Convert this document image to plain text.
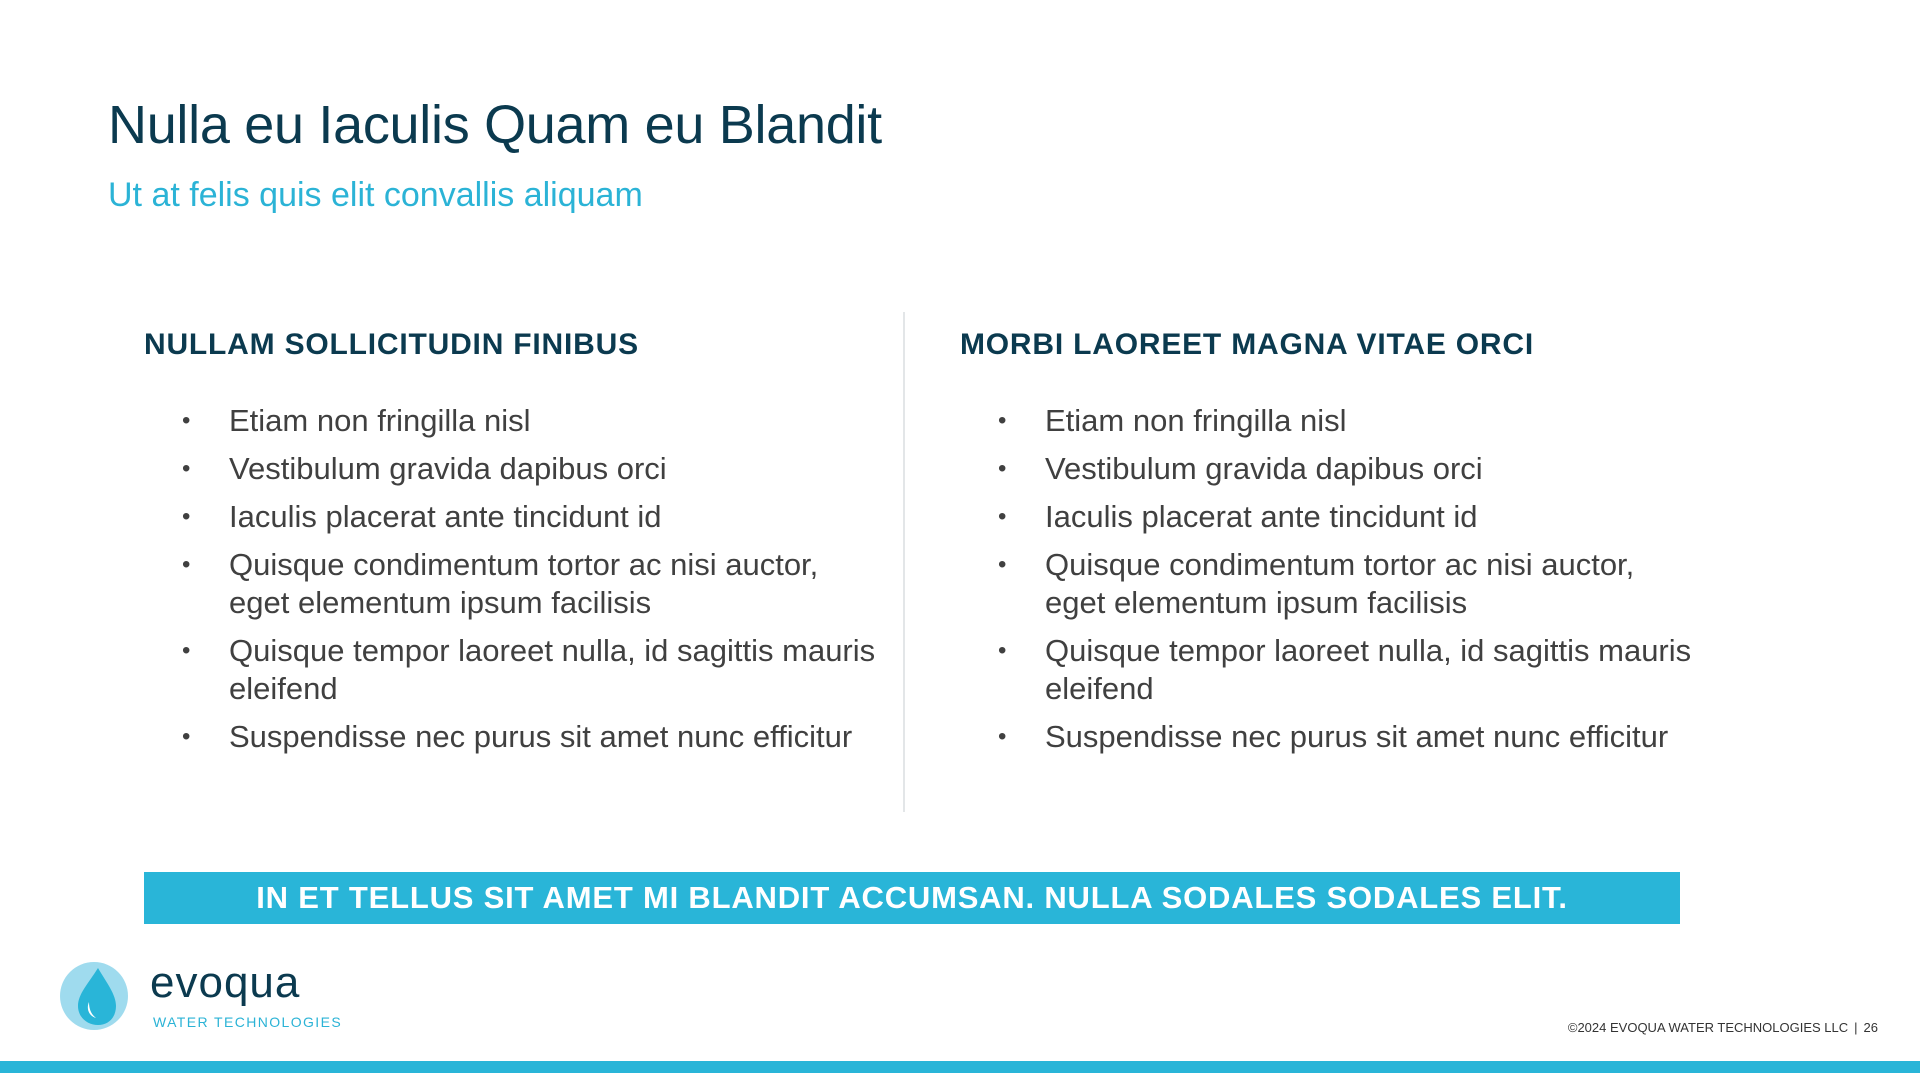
Nulla eu Iaculis Quam eu Blandit
Ut at felis quis elit convallis aliquam
NULLAM SOLLICITUDIN FINIBUS
• Etiam non fringilla nisl
• Vestibulum gravida dapibus orci
• Iaculis placerat ante tincidunt id
• Quisque condimentum tortor ac nisi auctor, eget elementum ipsum facilisis
• Quisque tempor laoreet nulla, id sagittis mauris eleifend
• Suspendisse nec purus sit amet nunc efficitur
MORBI LAOREET MAGNA VITAE ORCI
• Etiam non fringilla nisl
• Vestibulum gravida dapibus orci
• Iaculis placerat ante tincidunt id
• Quisque condimentum tortor ac nisi auctor, eget elementum ipsum facilisis
• Quisque tempor laoreet nulla, id sagittis mauris eleifend
• Suspendisse nec purus sit amet nunc efficitur
IN ET TELLUS SIT AMET MI BLANDIT ACCUMSAN. NULLA SODALES SODALES ELIT.
evoqua
WATER TECHNOLOGIES	©2024 EVOQUA WATER TECHNOLOGIES LLC | 26
